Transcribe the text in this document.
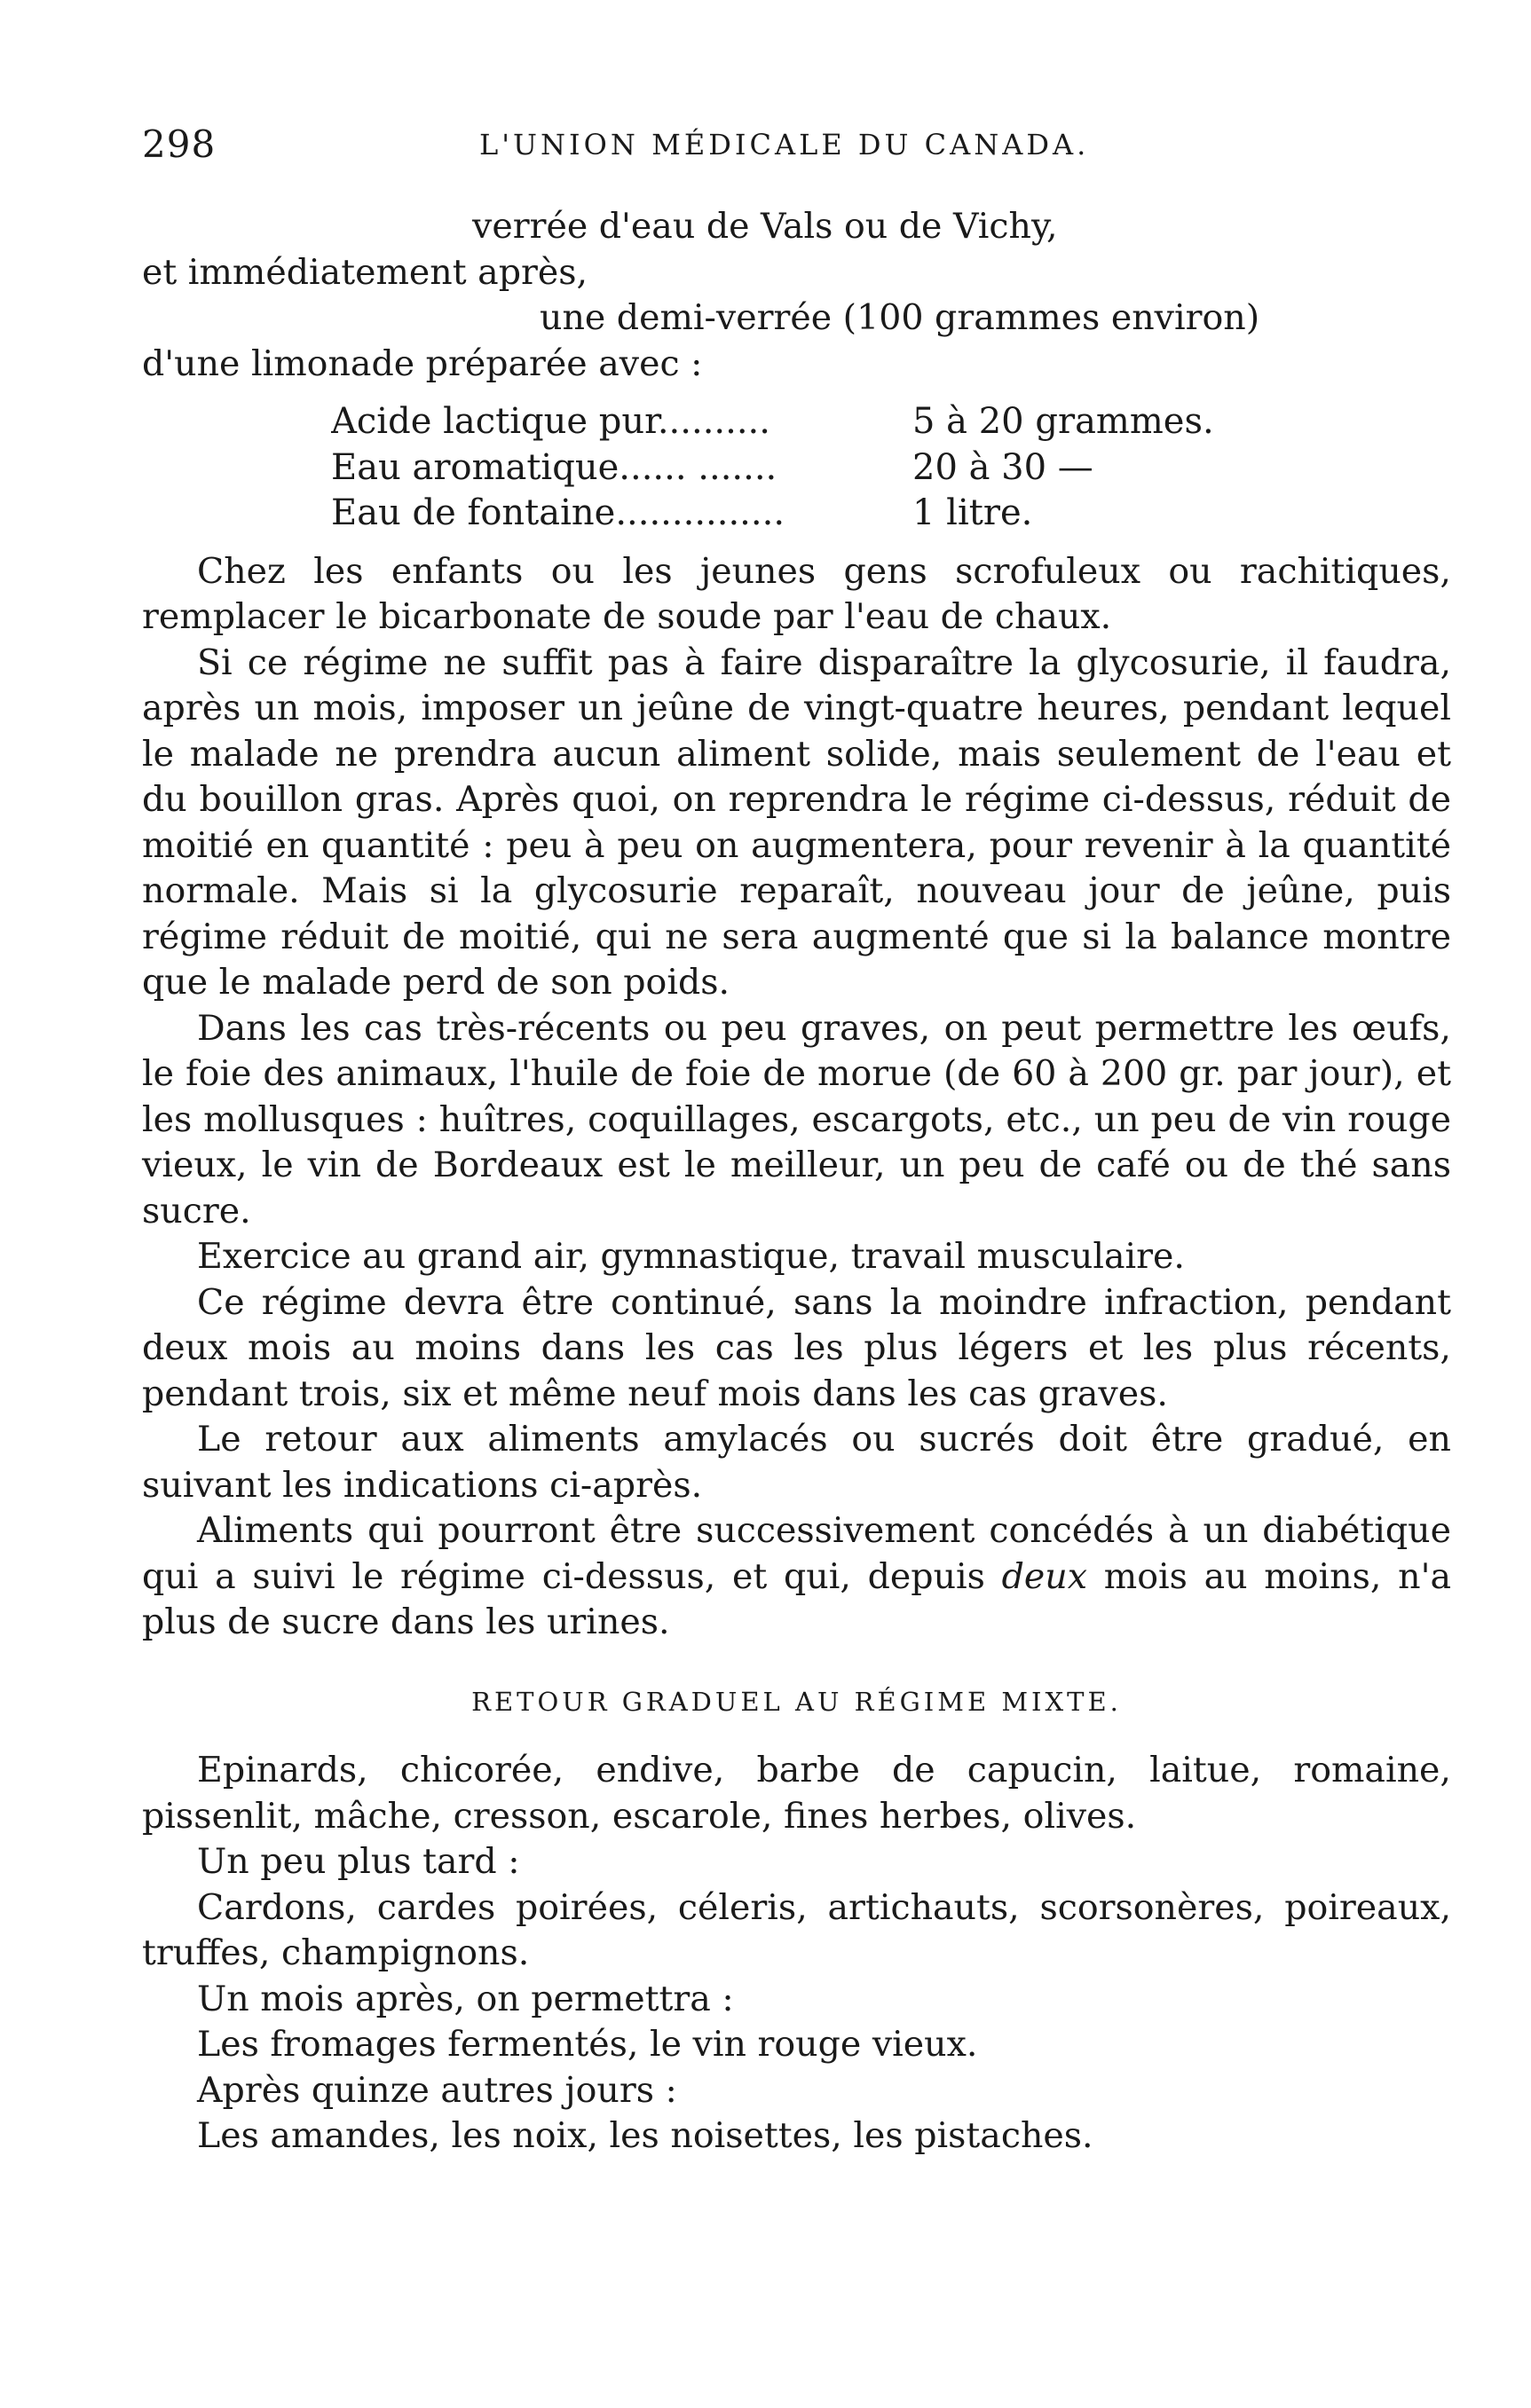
298	L'UNION MÉDICALE DU CANADA.
verrée d'eau de Vals ou de Vichy,
et immédiatement après,
une demi-verrée (100 grammes environ)
d'une limonade préparée avec :
Acide lactique pur..........	5 à 20 grammes.
Eau aromatique...... .......	20 à 30 —
Eau de fontaine...............	1 litre.

Chez les enfants ou les jeunes gens scrofuleux ou rachitiques, remplacer le bicarbonate de soude par l'eau de chaux.

Si ce régime ne suffit pas à faire disparaître la glycosurie, il faudra, après un mois, imposer un jeûne de vingt-quatre heures, pendant lequel le malade ne prendra aucun aliment solide, mais seulement de l'eau et du bouillon gras. Après quoi, on reprendra le régime ci-dessus, réduit de moitié en quantité : peu à peu on augmentera, pour revenir à la quantité normale. Mais si la glycosurie reparaît, nouveau jour de jeûne, puis régime réduit de moitié, qui ne sera augmenté que si la balance montre que le malade perd de son poids.

Dans les cas très-récents ou peu graves, on peut permettre les œufs, le foie des animaux, l'huile de foie de morue (de 60 à 200 gr. par jour), et les mollusques : huîtres, coquillages, escargots, etc., un peu de vin rouge vieux, le vin de Bordeaux est le meilleur, un peu de café ou de thé sans sucre.

Exercice au grand air, gymnastique, travail musculaire.

Ce régime devra être continué, sans la moindre infraction, pendant deux mois au moins dans les cas les plus légers et les plus récents, pendant trois, six et même neuf mois dans les cas graves.

Le retour aux aliments amylacés ou sucrés doit être gradué, en suivant les indications ci-après.

Aliments qui pourront être successivement concédés à un diabétique qui a suivi le régime ci-dessus, et qui, depuis deux mois au moins, n'a plus de sucre dans les urines.

RETOUR GRADUEL AU RÉGIME MIXTE.

Epinards, chicorée, endive, barbe de capucin, laitue, romaine, pissenlit, mâche, cresson, escarole, fines herbes, olives.

Un peu plus tard :

Cardons, cardes poirées, céleris, artichauts, scorsonères, poireaux, truffes, champignons.

Un mois après, on permettra :

Les fromages fermentés, le vin rouge vieux.

Après quinze autres jours :

Les amandes, les noix, les noisettes, les pistaches.
